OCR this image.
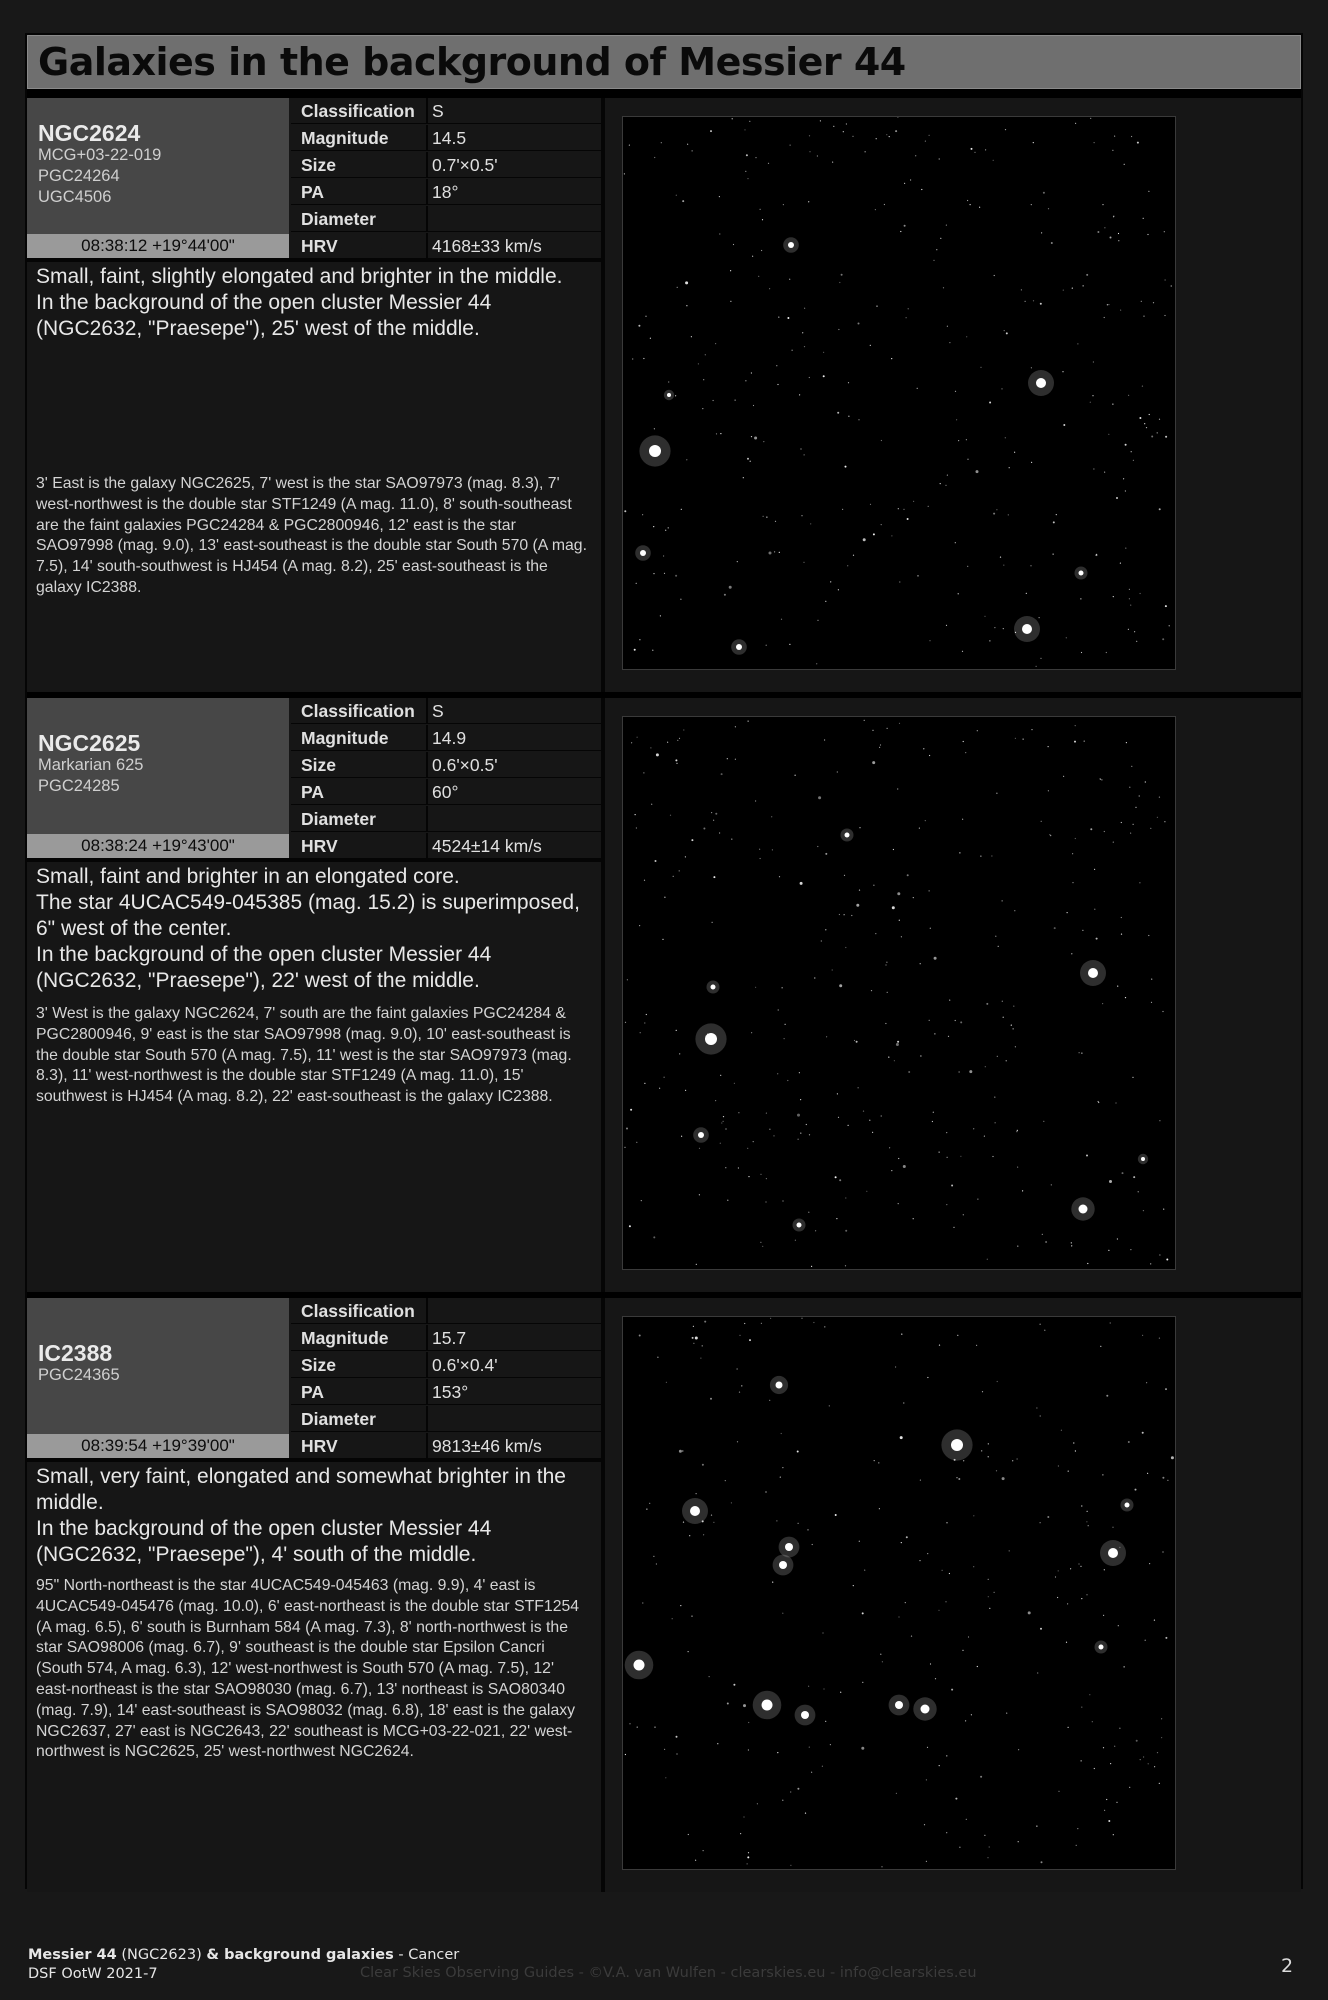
Galaxies in the background of Messier 44
NGC2624
MCG+03-22-019
PGC24264
UGC4506
08:38:12 +19°44'00"
Classification S
Magnitude 14.5
Size	0.7'×0.5'
PA	18°
Diameter
HRV	4168±33 km/s
Small, faint, slightly elongated and brighter in the middle.
In the background of the open cluster Messier 44 (NGC2632, "Praesepe"), 25' west of the middle.
3' East is the galaxy NGC2625, 7' west is the star SAO97973 (mag. 8.3), 7' west-northwest is the double star STF1249 (A mag. 11.0), 8' south-southeast are the faint galaxies PGC24284 & PGC2800946, 12' east is the star SAO97998 (mag. 9.0), 13' east-southeast is the double star South 570 (A mag. 7.5), 14' south-southwest is HJ454 (A mag. 8.2), 25' east-southeast is the galaxy IC2388.
NGC2625
Markarian 625
PGC24285
08:38:24 +19°43'00"
Classification S
Magnitude 14.9
Size	0.6'×0.5'
PA	60°
Diameter
HRV	4524±14 km/s
Small, faint and brighter in an elongated core.
The star 4UCAC549-045385 (mag. 15.2) is superimposed, 6" west of the center.
In the background of the open cluster Messier 44 (NGC2632, "Praesepe"), 22' west of the middle.
3' West is the galaxy NGC2624, 7' south are the faint galaxies PGC24284 & PGC2800946, 9' east is the star SAO97998 (mag. 9.0), 10' east-southeast is the double star South 570 (A mag. 7.5), 11' west is the star SAO97973 (mag. 8.3), 11' west-northwest is the double star STF1249 (A mag. 11.0), 15' southwest is HJ454 (A mag. 8.2), 22' east-southeast is the galaxy IC2388.
IC2388
PGC24365
08:39:54 +19°39'00"
Classification
Magnitude 15.7
Size	0.6'×0.4'
PA	153°
Diameter
HRV	9813±46 km/s
Small, very faint, elongated and somewhat brighter in the middle.
In the background of the open cluster Messier 44 (NGC2632, "Praesepe"), 4' south of the middle.
95" North-northeast is the star 4UCAC549-045463 (mag. 9.9), 4' east is 4UCAC549-045476 (mag. 10.0), 6' east-northeast is the double star STF1254 (A mag. 6.5), 6' south is Burnham 584 (A mag. 7.3), 8' north-northwest is the star SAO98006 (mag. 6.7), 9' southeast is the double star Epsilon Cancri (South 574, A mag. 6.3), 12' west-northwest is South 570 (A mag. 7.5), 12' east-northeast is the star SAO98030 (mag. 6.7), 13' northeast is SAO80340 (mag. 7.9), 14' east-southeast is SAO98032 (mag. 6.8), 18' east is the galaxy NGC2637, 27' east is NGC2643, 22' southeast is MCG+03-22-021, 22' west-northwest is NGC2625, 25' west-northwest NGC2624.
Messier 44 (NGC2623) & background galaxies - Cancer
DSF OotW 2021-7	Clear Skies Observing Guides - ©V.A. van Wulfen - clearskies.eu - info@clearskies.eu	2
